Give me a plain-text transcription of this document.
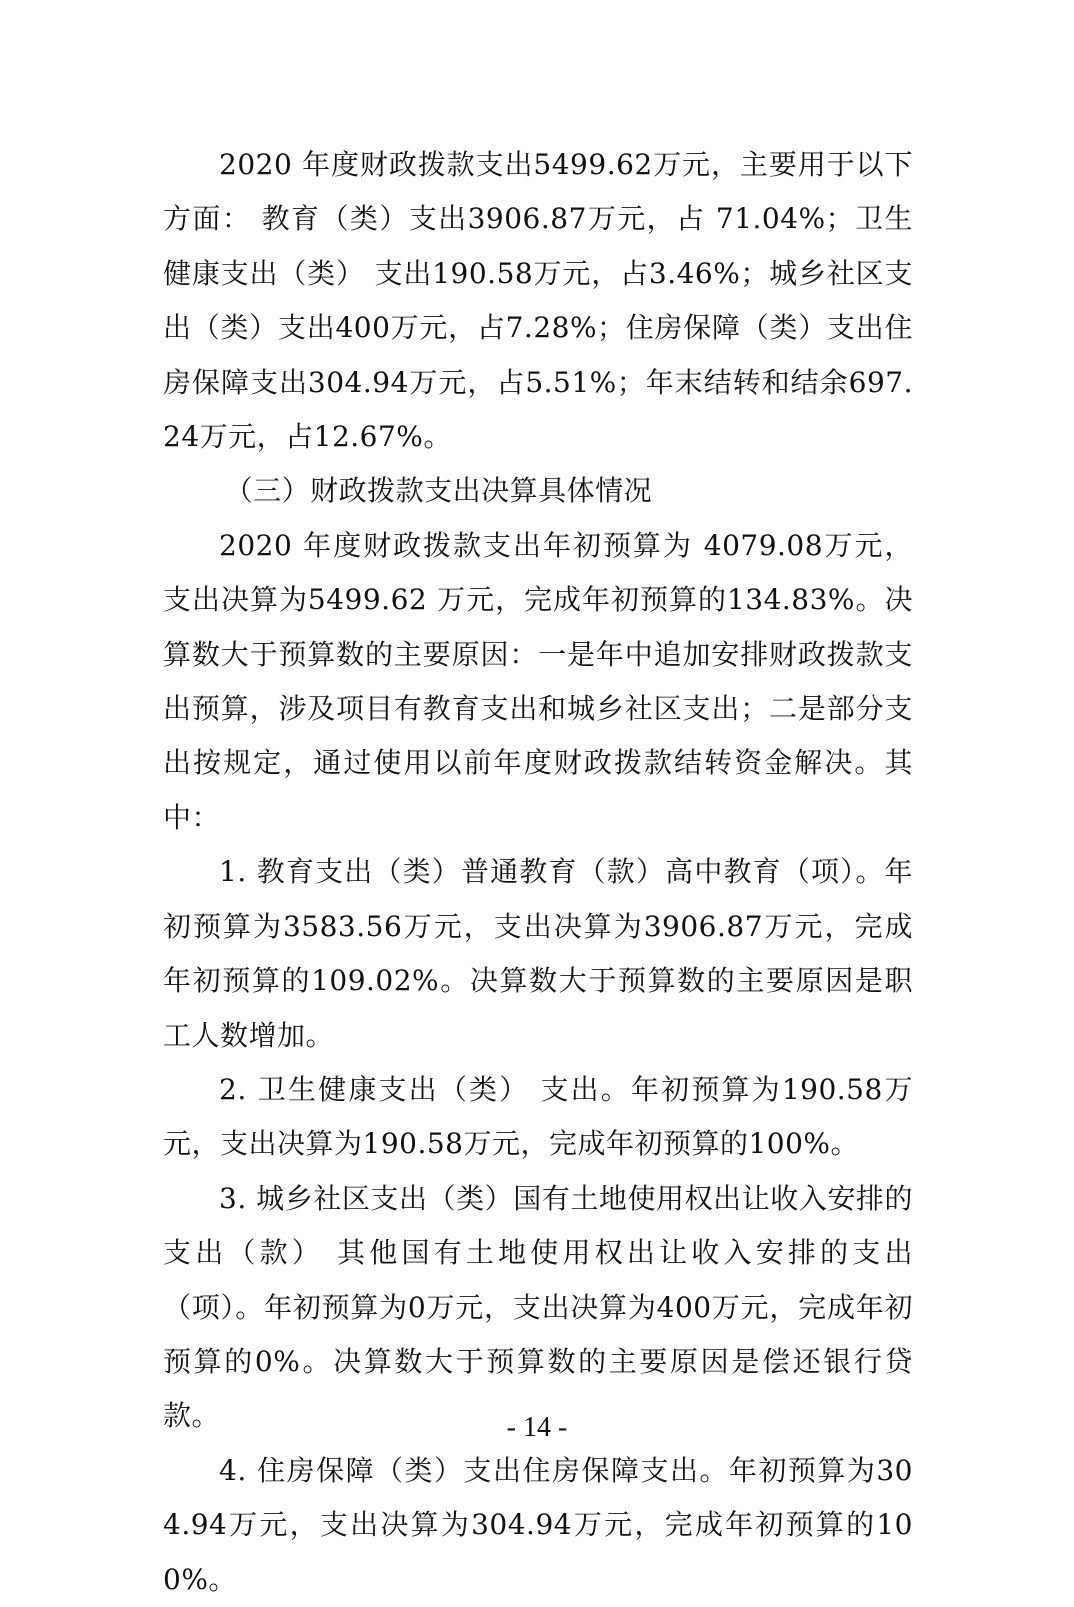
2020 年度财政拨款支出5499.62万元，主要用于以下方面： 教育（类）支出3906.87万元，占 71.04%；卫生健康支出（类） 支出190.58万元，占3.46%；城乡社区支出（类）支出400万元，占7.28%；住房保障（类）支出住房保障支出304.94万元，占5.51%；年末结转和结余697.24万元，占12.67%。

（三）财政拨款支出决算具体情况

2020 年度财政拨款支出年初预算为 4079.08万元，支出决算为5499.62 万元，完成年初预算的134.83%。决算数大于预算数的主要原因：一是年中追加安排财政拨款支出预算，涉及项目有教育支出和城乡社区支出；二是部分支出按规定，通过使用以前年度财政拨款结转资金解决。其中：

1. 教育支出（类）普通教育（款）高中教育（项）。年初预算为3583.56万元，支出决算为3906.87万元，完成年初预算的109.02%。决算数大于预算数的主要原因是职工人数增加。

2. 卫生健康支出（类） 支出。年初预算为190.58万元，支出决算为190.58万元，完成年初预算的100%。

3. 城乡社区支出（类）国有土地使用权出让收入安排的支出（款） 其他国有土地使用权出让收入安排的支出（项）。年初预算为0万元，支出决算为400万元，完成年初预算的0%。决算数大于预算数的主要原因是偿还银行贷款。

4. 住房保障（类）支出住房保障支出。年初预算为304.94万元，支出决算为304.94万元，完成年初预算的100%。

- 14 -
